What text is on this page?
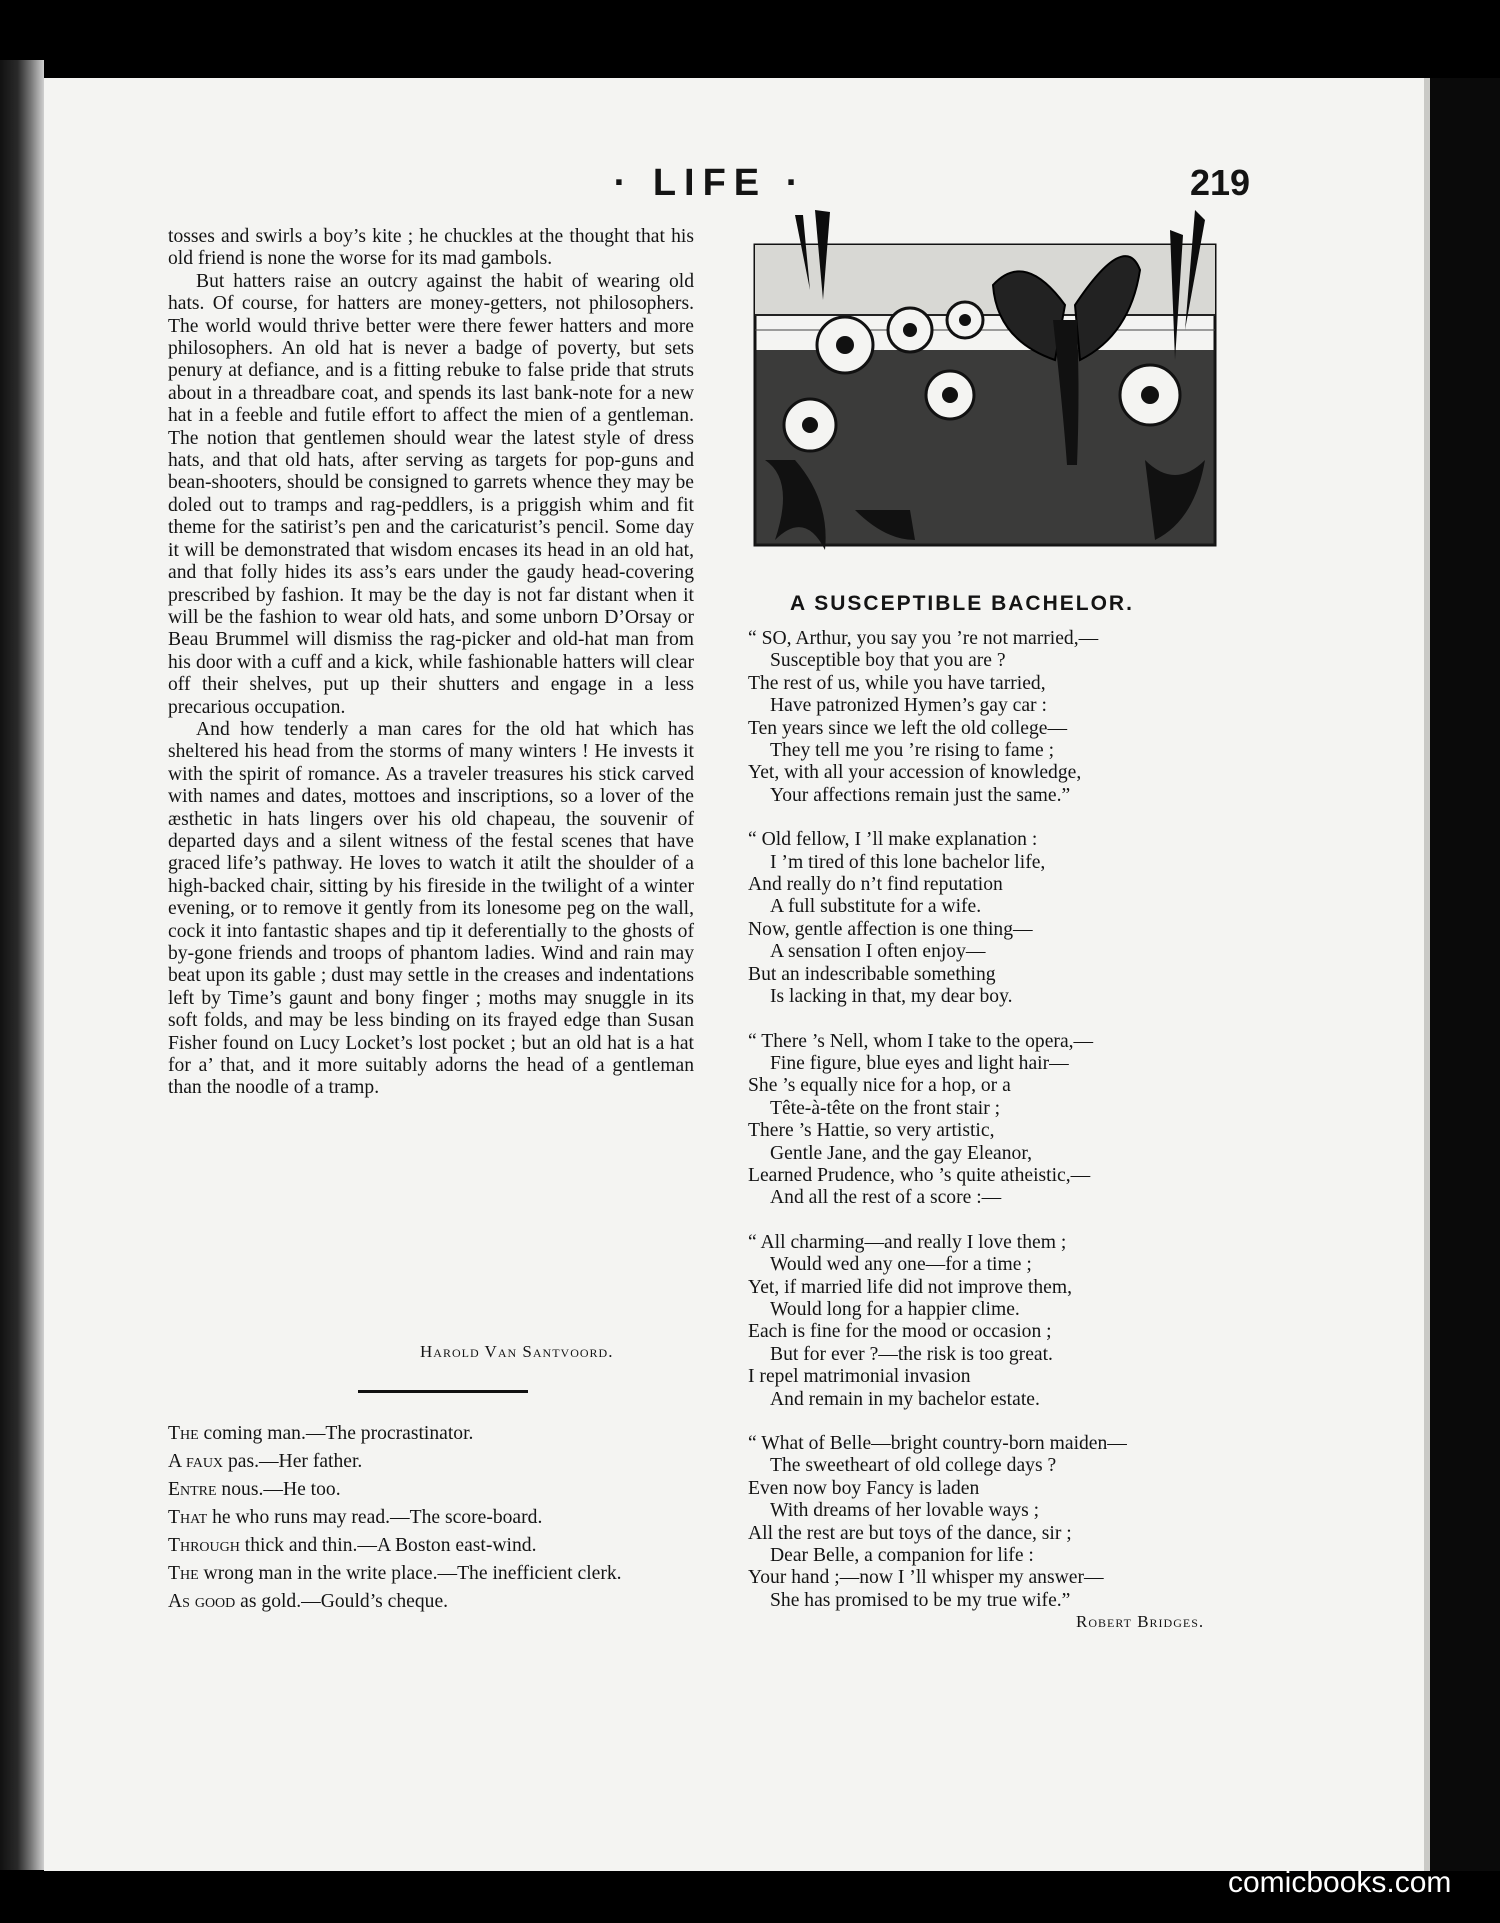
· LIFE ·	219

tosses and swirls a boy’s kite ; he chuckles at the thought that his old friend is none the worse for its mad gambols.

But hatters raise an outcry against the habit of wearing old hats. Of course, for hatters are money-getters, not philosophers. The world would thrive better were there fewer hatters and more philosophers. An old hat is never a badge of poverty, but sets penury at defiance, and is a fitting rebuke to false pride that struts about in a threadbare coat, and spends its last bank-note for a new hat in a feeble and futile effort to affect the mien of a gentleman. The notion that gentlemen should wear the latest style of dress hats, and that old hats, after serving as targets for pop-guns and bean-shooters, should be consigned to garrets whence they may be doled out to tramps and rag-peddlers, is a priggish whim and fit theme for the satirist’s pen and the caricaturist’s pencil. Some day it will be demonstrated that wisdom encases its head in an old hat, and that folly hides its ass’s ears under the gaudy head-covering prescribed by fashion. It may be the day is not far distant when it will be the fashion to wear old hats, and some unborn D’Orsay or Beau Brummel will dismiss the rag-picker and old-hat man from his door with a cuff and a kick, while fashionable hatters will clear off their shelves, put up their shutters and engage in a less precarious occupation.

And how tenderly a man cares for the old hat which has sheltered his head from the storms of many winters ! He invests it with the spirit of romance. As a traveler treasures his stick carved with names and dates, mottoes and inscriptions, so a lover of the æsthetic in hats lingers over his old chapeau, the souvenir of departed days and a silent witness of the festal scenes that have graced life’s pathway. He loves to watch it atilt the shoulder of a high-backed chair, sitting by his fireside in the twilight of a winter evening, or to remove it gently from its lonesome peg on the wall, cock it into fantastic shapes and tip it deferentially to the ghosts of by-gone friends and troops of phantom ladies. Wind and rain may beat upon its gable ; dust may settle in the creases and indentations left by Time’s gaunt and bony finger ; moths may snuggle in its soft folds, and may be less binding on its frayed edge than Susan Fisher found on Lucy Locket’s lost pocket ; but an old hat is a hat for a’ that, and it more suitably adorns the head of a gentleman than the noodle of a tramp.

Harold Van Santvoord.
The coming man.—The procrastinator.
A faux pas.—Her father.
Entre nous.—He too.
That he who runs may read.—The score-board.
Through thick and thin.—A Boston east-wind.
The wrong man in the write place.—The inefficient clerk.
As good as gold.—Gould’s cheque.
A SUSCEPTIBLE BACHELOR.
“ SO, Arthur, you say you ’re not married,—
Susceptible boy that you are ?
The rest of us, while you have tarried,
Have patronized Hymen’s gay car :
Ten years since we left the old college—
They tell me you ’re rising to fame ;
Yet, with all your accession of knowledge,
Your affections remain just the same.”
“ Old fellow, I ’ll make explanation :
I ’m tired of this lone bachelor life,
And really do n’t find reputation
A full substitute for a wife.
Now, gentle affection is one thing—
A sensation I often enjoy—
But an indescribable something
Is lacking in that, my dear boy.
“ There ’s Nell, whom I take to the opera,—
Fine figure, blue eyes and light hair—
She ’s equally nice for a hop, or a
Tête-à-tête on the front stair ;
There ’s Hattie, so very artistic,
Gentle Jane, and the gay Eleanor,
Learned Prudence, who ’s quite atheistic,—
And all the rest of a score :—
“ All charming—and really I love them ;
Would wed any one—for a time ;
Yet, if married life did not improve them,
Would long for a happier clime.
Each is fine for the mood or occasion ;
But for ever ?—the risk is too great.
I repel matrimonial invasion
And remain in my bachelor estate.
“ What of Belle—bright country-born maiden—
The sweetheart of old college days ?
Even now boy Fancy is laden
With dreams of her lovable ways ;
All the rest are but toys of the dance, sir ;
Dear Belle, a companion for life :
Your hand ;—now I ’ll whisper my answer—
She has promised to be my true wife.”
Robert Bridges.
comicbooks.com
